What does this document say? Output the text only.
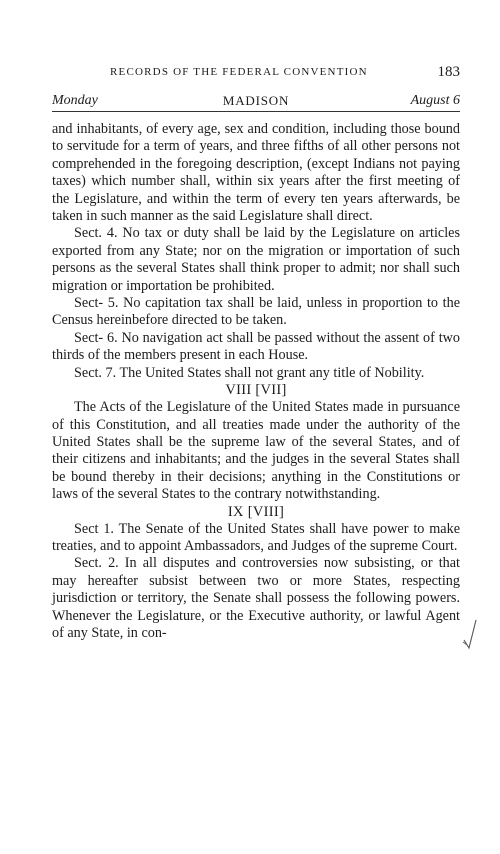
RECORDS OF THE FEDERAL CONVENTION	183
Monday	MADISON	August 6

and inhabitants, of every age, sex and condition, including those bound to servitude for a term of years, and three fifths of all other persons not comprehended in the foregoing description, (except Indians not paying taxes) which number shall, within six years after the first meeting of the Legislature, and within the term of every ten years afterwards, be taken in such manner as the said Legislature shall direct.

Sect. 4. No tax or duty shall be laid by the Legislature on articles exported from any State; nor on the migration or importation of such persons as the several States shall think proper to admit; nor shall such migration or importation be prohibited.

Sect- 5. No capitation tax shall be laid, unless in proportion to the Census hereinbefore directed to be taken.

Sect- 6. No navigation act shall be passed without the assent of two thirds of the members present in each House.

Sect. 7. The United States shall not grant any title of Nobility.

VIII [VII]

The Acts of the Legislature of the United States made in pursuance of this Constitution, and all treaties made under the authority of the United States shall be the supreme law of the several States, and of their citizens and inhabitants; and the judges in the several States shall be bound thereby in their decisions; anything in the Constitutions or laws of the several States to the contrary notwithstanding.

IX [VIII]

Sect 1. The Senate of the United States shall have power to make treaties, and to appoint Ambassadors, and Judges of the supreme Court.

Sect. 2. In all disputes and controversies now subsisting, or that may hereafter subsist between two or more States, respecting jurisdiction or territory, the Senate shall possess the following powers. Whenever the Legislature, or the Executive authority, or lawful Agent of any State, in con-
